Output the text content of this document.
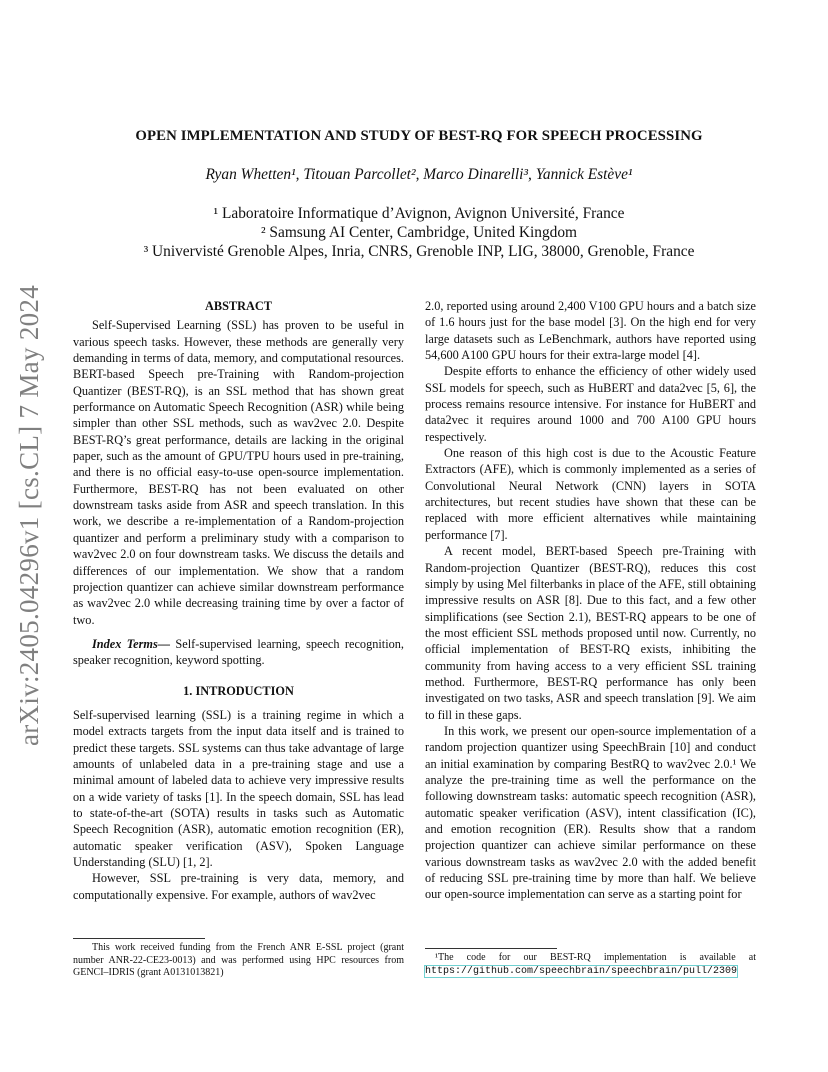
arXiv:2405.04296v1 [cs.CL] 7 May 2024
OPEN IMPLEMENTATION AND STUDY OF BEST-RQ FOR SPEECH PROCESSING
Ryan Whetten¹, Titouan Parcollet², Marco Dinarelli³, Yannick Estève¹
¹ Laboratoire Informatique d’Avignon, Avignon Université, France
² Samsung AI Center, Cambridge, United Kingdom
³ Univervisté Grenoble Alpes, Inria, CNRS, Grenoble INP, LIG, 38000, Grenoble, France

ABSTRACT

Self-Supervised Learning (SSL) has proven to be useful in various speech tasks. However, these methods are generally very demanding in terms of data, memory, and computational resources. BERT-based Speech pre-Training with Random-projection Quantizer (BEST-RQ), is an SSL method that has shown great performance on Automatic Speech Recognition (ASR) while being simpler than other SSL methods, such as wav2vec 2.0. Despite BEST-RQ’s great performance, details are lacking in the original paper, such as the amount of GPU/TPU hours used in pre-training, and there is no official easy-to-use open-source implementation. Furthermore, BEST-RQ has not been evaluated on other downstream tasks aside from ASR and speech translation. In this work, we describe a re-implementation of a Random-projection quantizer and perform a preliminary study with a comparison to wav2vec 2.0 on four downstream tasks. We discuss the details and differences of our implementation. We show that a random projection quantizer can achieve similar downstream performance as wav2vec 2.0 while decreasing training time by over a factor of two.

Index Terms— Self-supervised learning, speech recognition, speaker recognition, keyword spotting.

1. INTRODUCTION

Self-supervised learning (SSL) is a training regime in which a model extracts targets from the input data itself and is trained to predict these targets. SSL systems can thus take advantage of large amounts of unlabeled data in a pre-training stage and use a minimal amount of labeled data to achieve very impressive results on a wide variety of tasks [1]. In the speech domain, SSL has lead to state-of-the-art (SOTA) results in tasks such as Automatic Speech Recognition (ASR), automatic emotion recognition (ER), automatic speaker verification (ASV), Spoken Language Understanding (SLU) [1, 2].

However, SSL pre-training is very data, memory, and computationally expensive. For example, authors of wav2vec

2.0, reported using around 2,400 V100 GPU hours and a batch size of 1.6 hours just for the base model [3]. On the high end for very large datasets such as LeBenchmark, authors have reported using 54,600 A100 GPU hours for their extra-large model [4].

Despite efforts to enhance the efficiency of other widely used SSL models for speech, such as HuBERT and data2vec [5, 6], the process remains resource intensive. For instance for HuBERT and data2vec it requires around 1000 and 700 A100 GPU hours respectively.

One reason of this high cost is due to the Acoustic Feature Extractors (AFE), which is commonly implemented as a series of Convolutional Neural Network (CNN) layers in SOTA architectures, but recent studies have shown that these can be replaced with more efficient alternatives while maintaining performance [7].

A recent model, BERT-based Speech pre-Training with Random-projection Quantizer (BEST-RQ), reduces this cost simply by using Mel filterbanks in place of the AFE, still obtaining impressive results on ASR [8]. Due to this fact, and a few other simplifications (see Section 2.1), BEST-RQ appears to be one of the most efficient SSL methods proposed until now. Currently, no official implementation of BEST-RQ exists, inhibiting the community from having access to a very efficient SSL training method. Furthermore, BEST-RQ performance has only been investigated on two tasks, ASR and speech translation [9]. We aim to fill in these gaps.

In this work, we present our open-source implementation of a random projection quantizer using SpeechBrain [10] and conduct an initial examination by comparing BestRQ to wav2vec 2.0.¹ We analyze the pre-training time as well the performance on the following downstream tasks: automatic speech recognition (ASR), automatic speaker verification (ASV), intent classification (IC), and emotion recognition (ER). Results show that a random projection quantizer can achieve similar performance on these various downstream tasks as wav2vec 2.0 with the added benefit of reducing SSL pre-training time by more than half. We believe our open-source implementation can serve as a starting point for

This work received funding from the French ANR E-SSL project (grant number ANR-22-CE23-0013) and was performed using HPC resources from GENCI–IDRIS (grant A0131013821)
¹The code for our BEST-RQ implementation is available at https://github.com/speechbrain/speechbrain/pull/2309
